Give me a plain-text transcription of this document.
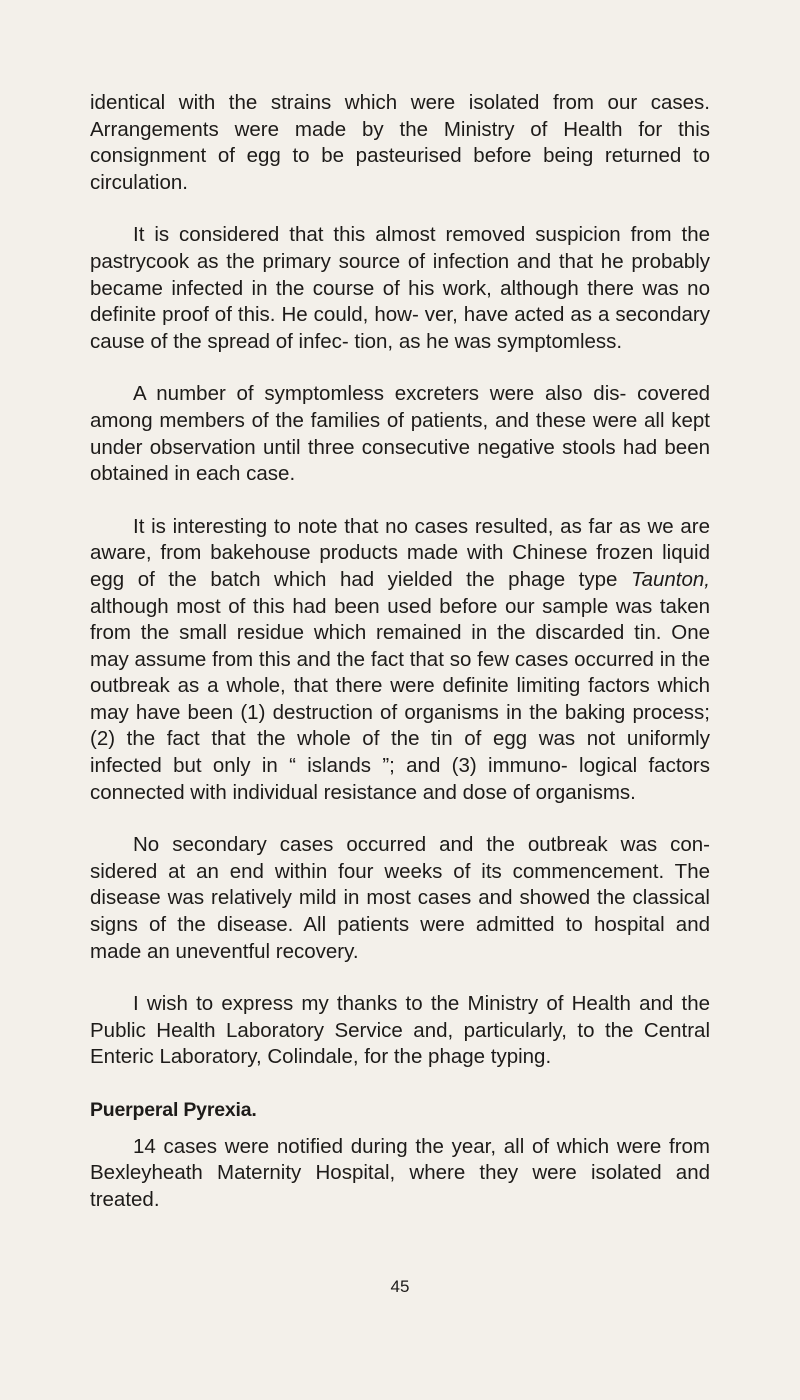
identical with the strains which were isolated from our cases. Arrangements were made by the Ministry of Health for this consignment of egg to be pasteurised before being returned to circulation.

It is considered that this almost removed suspicion from the pastrycook as the primary source of infection and that he probably became infected in the course of his work, although there was no definite proof of this. He could, how- ver, have acted as a secondary cause of the spread of infec- tion, as he was symptomless.

A number of symptomless excreters were also dis- covered among members of the families of patients, and these were all kept under observation until three consecutive negative stools had been obtained in each case.

It is interesting to note that no cases resulted, as far as we are aware, from bakehouse products made with Chinese frozen liquid egg of the batch which had yielded the phage type Taunton, although most of this had been used before our sample was taken from the small residue which remained in the discarded tin. One may assume from this and the fact that so few cases occurred in the outbreak as a whole, that there were definite limiting factors which may have been (1) destruction of organisms in the baking process; (2) the fact that the whole of the tin of egg was not uniformly infected but only in “ islands ”; and (3) immuno- logical factors connected with individual resistance and dose of organisms.

No secondary cases occurred and the outbreak was con- sidered at an end within four weeks of its commencement. The disease was relatively mild in most cases and showed the classical signs of the disease. All patients were admitted to hospital and made an uneventful recovery.

I wish to express my thanks to the Ministry of Health and the Public Health Laboratory Service and, particularly, to the Central Enteric Laboratory, Colindale, for the phage typing.

Puerperal Pyrexia.

14 cases were notified during the year, all of which were from Bexleyheath Maternity Hospital, where they were isolated and treated.

45
